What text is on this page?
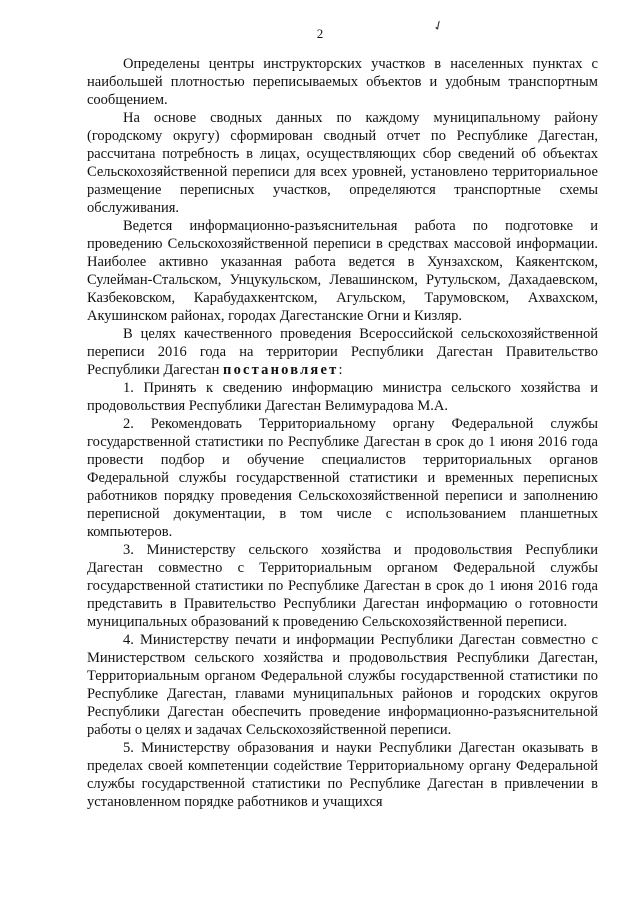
2	✓

Определены центры инструкторских участков в населенных пунктах с наибольшей плотностью переписываемых объектов и удобным транспортным сообщением.

На основе сводных данных по каждому муниципальному району (городскому округу) сформирован сводный отчет по Республике Дагестан, рассчитана потребность в лицах, осуществляющих сбор сведений об объектах Сельскохозяйственной переписи для всех уровней, установлено территориальное размещение переписных участков, определяются транспортные схемы обслуживания.

Ведется информационно-разъяснительная работа по подготовке и проведению Сельскохозяйственной переписи в средствах массовой информации. Наиболее активно указанная работа ведется в Хунзахском, Каякентском, Сулейман-Стальском, Унцукульском, Левашинском, Рутульском, Дахадаевском, Казбековском, Карабудахкентском, Агульском, Тарумовском, Ахвахском, Акушинском районах, городах Дагестанские Огни и Кизляр.

В целях качественного проведения Всероссийской сельскохозяйственной переписи 2016 года на территории Республики Дагестан Правительство Республики Дагестан постановляет:

1. Принять к сведению информацию министра сельского хозяйства и продовольствия Республики Дагестан Велимурадова М.А.

2. Рекомендовать Территориальному органу Федеральной службы государственной статистики по Республике Дагестан в срок до 1 июня 2016 года провести подбор и обучение специалистов территориальных органов Федеральной службы государственной статистики и временных переписных работников порядку проведения Сельскохозяйственной переписи и заполнению переписной документации, в том числе с использованием планшетных компьютеров.

3. Министерству сельского хозяйства и продовольствия Республики Дагестан совместно с Территориальным органом Федеральной службы государственной статистики по Республике Дагестан в срок до 1 июня 2016 года представить в Правительство Республики Дагестан информацию о готовности муниципальных образований к проведению Сельскохозяйственной переписи.

4. Министерству печати и информации Республики Дагестан совместно с Министерством сельского хозяйства и продовольствия Республики Дагестан, Территориальным органом Федеральной службы государственной статистики по Республике Дагестан, главами муниципальных районов и городских округов Республики Дагестан обеспечить проведение информационно-разъяснительной работы о целях и задачах Сельскохозяйственной переписи.

5. Министерству образования и науки Республики Дагестан оказывать в пределах своей компетенции содействие Территориальному органу Федеральной службы государственной статистики по Республике Дагестан в привлечении в установленном порядке работников и учащихся
